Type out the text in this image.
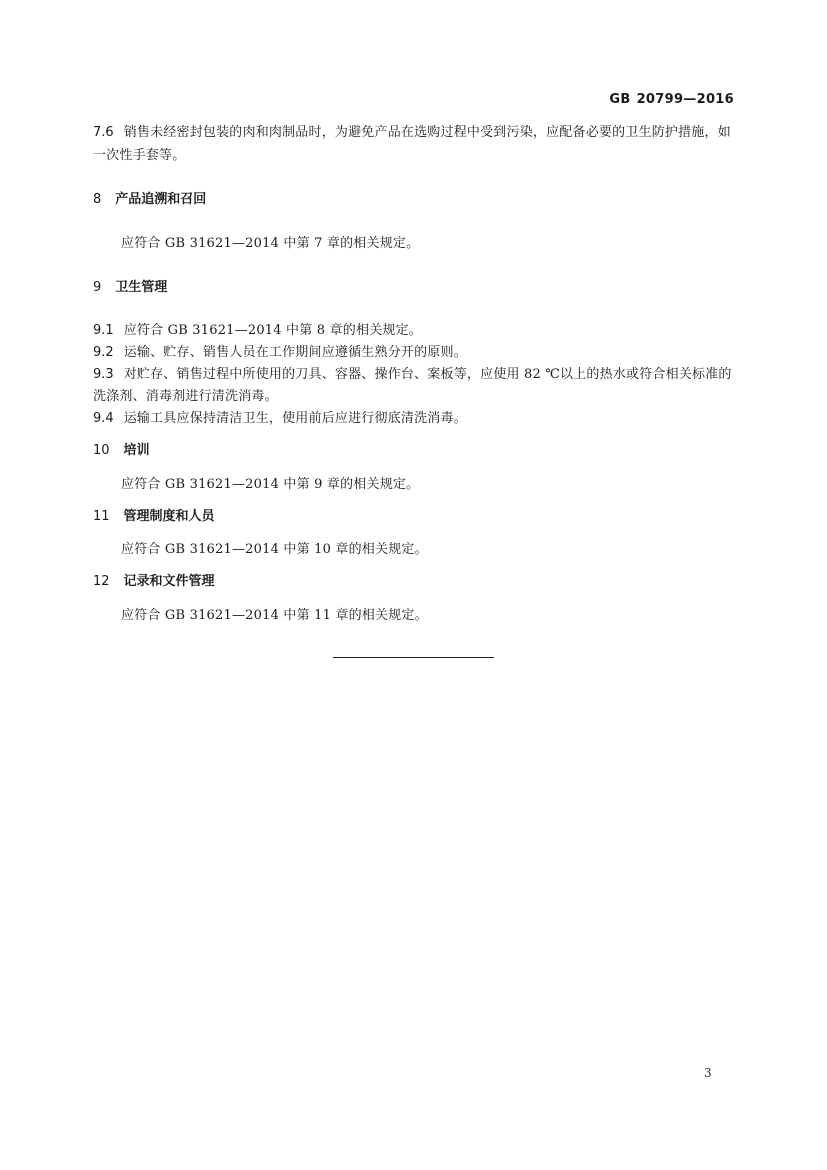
GB 20799—2016
7.6 销售未经密封包装的肉和肉制品时，为避免产品在选购过程中受到污染，应配备必要的卫生防护措施，如一次性手套等。
8 产品追溯和召回
应符合 GB 31621—2014 中第 7 章的相关规定。
9 卫生管理
9.1 应符合 GB 31621—2014 中第 8 章的相关规定。
9.2 运输、贮存、销售人员在工作期间应遵循生熟分开的原则。
9.3 对贮存、销售过程中所使用的刀具、容器、操作台、案板等，应使用 82 ℃以上的热水或符合相关标准的洗涤剂、消毒剂进行清洗消毒。
9.4 运输工具应保持清洁卫生，使用前后应进行彻底清洗消毒。
10 培训
应符合 GB 31621—2014 中第 9 章的相关规定。
11 管理制度和人员
应符合 GB 31621—2014 中第 10 章的相关规定。
12 记录和文件管理
应符合 GB 31621—2014 中第 11 章的相关规定。
3
